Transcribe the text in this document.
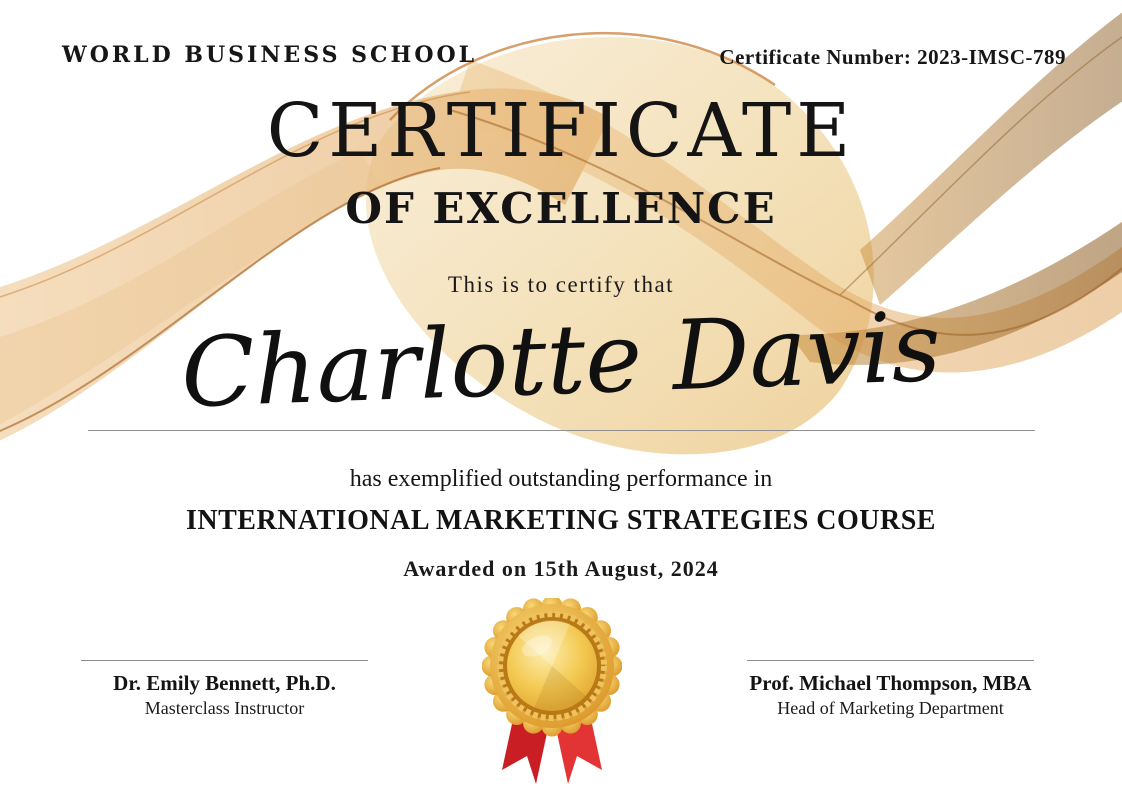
WORLD BUSINESS SCHOOL	Certificate Number: 2023-IMSC-789
CERTIFICATE
OF EXCELLENCE
This is to certify that
Charlotte Davis
has exemplified outstanding performance in
INTERNATIONAL MARKETING STRATEGIES COURSE
Awarded on 15th August, 2024
Dr. Emily Bennett, Ph.D.
Masterclass Instructor
Prof. Michael Thompson, MBA
Head of Marketing Department
